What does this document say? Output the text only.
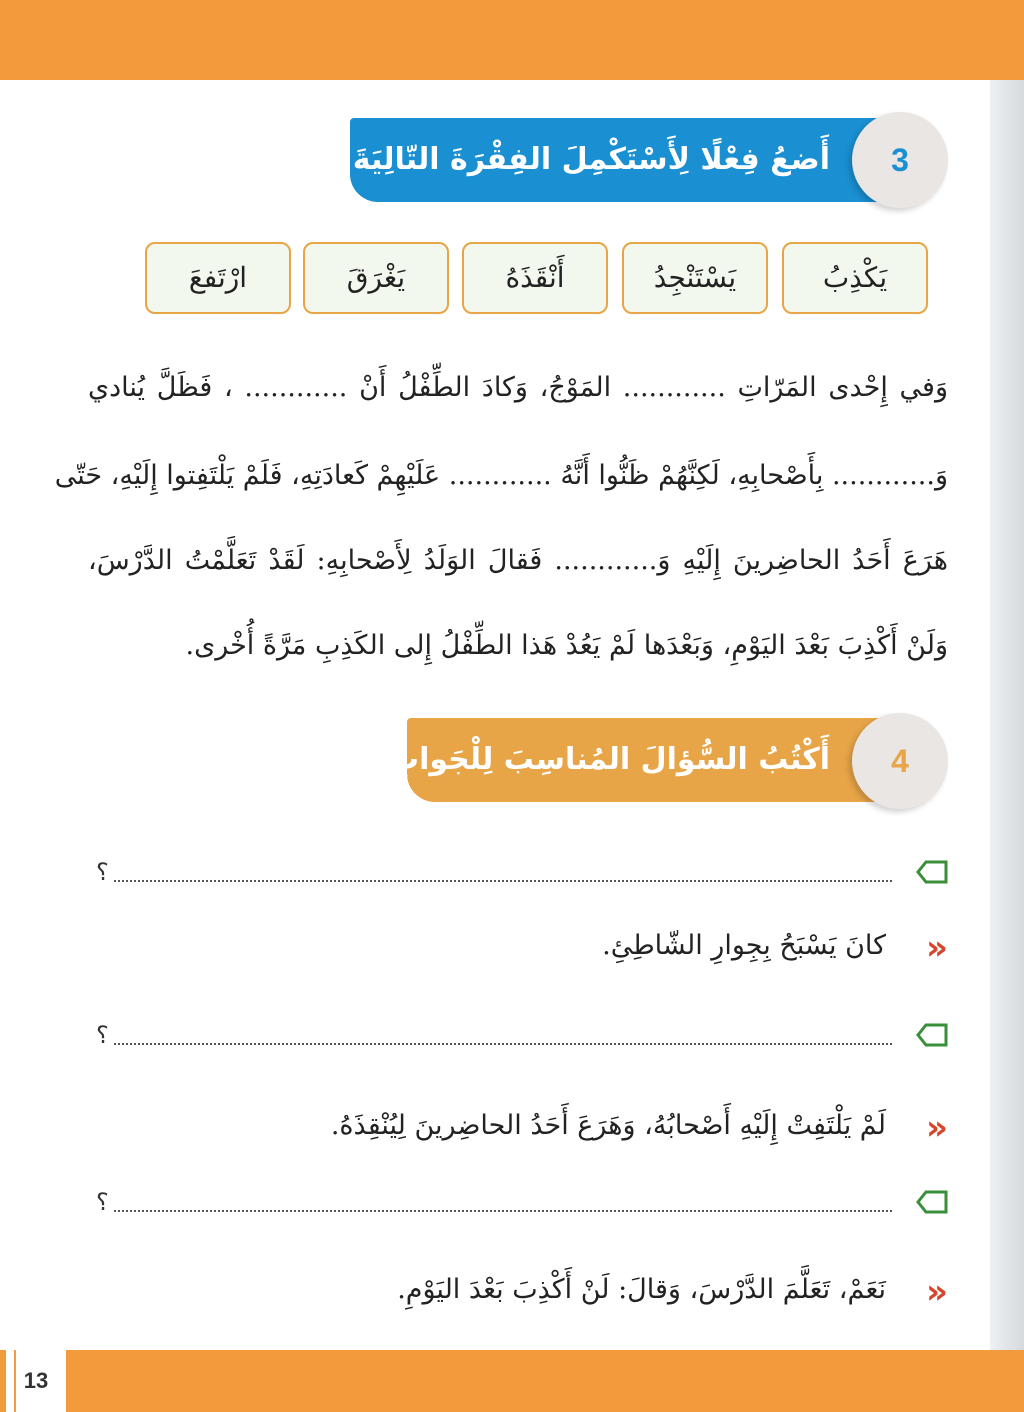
أَضعُ فِعْلًا لِأَسْتَكْمِلَ الفِقْرَةَ التّالِيَةَ:	3
يَكْذِبُ
يَسْتَنْجِدُ
أَنْقَذَهُ
يَغْرَقَ
ارْتَفعَ
وَفي إِحْدى المَرّاتِ ............ المَوْجُ، وَكادَ الطِّفْلُ أَنْ ............ ، فَظَلَّ يُنادي
وَ............ بِأَصْحابِهِ، لَكِنَّهُمْ ظَنُّوا أَنَّهُ ............ عَلَيْهِمْ كَعادَتِهِ، فَلَمْ يَلْتَفِتوا إِلَيْهِ، حَتّى
هَرَعَ أَحَدُ الحاضِرينَ إِلَيْهِ وَ............ فَقالَ الوَلَدُ لِأَصْحابِهِ: لَقَدْ تَعَلَّمْتُ الدَّرْسَ،
وَلَنْ أَكْذِبَ بَعْدَ اليَوْمِ، وَبَعْدَها لَمْ يَعُدْ هَذا الطِّفْلُ إِلى الكَذِبِ مَرَّةً أُخْرى.
أَكْتُبُ السُّؤالَ المُناسِبَ لِلْجَوابِ	4
؟
«
كانَ يَسْبَحُ بِجِوارِ الشّاطِئِ.
؟
«
لَمْ يَلْتَفِتْ إِلَيْهِ أَصْحابُهُ، وَهَرَعَ أَحَدُ الحاضِرينَ لِيُنْقِذَهُ.
؟
«
نَعَمْ، تَعَلَّمَ الدَّرْسَ، وَقالَ: لَنْ أَكْذِبَ بَعْدَ اليَوْمِ.
13
